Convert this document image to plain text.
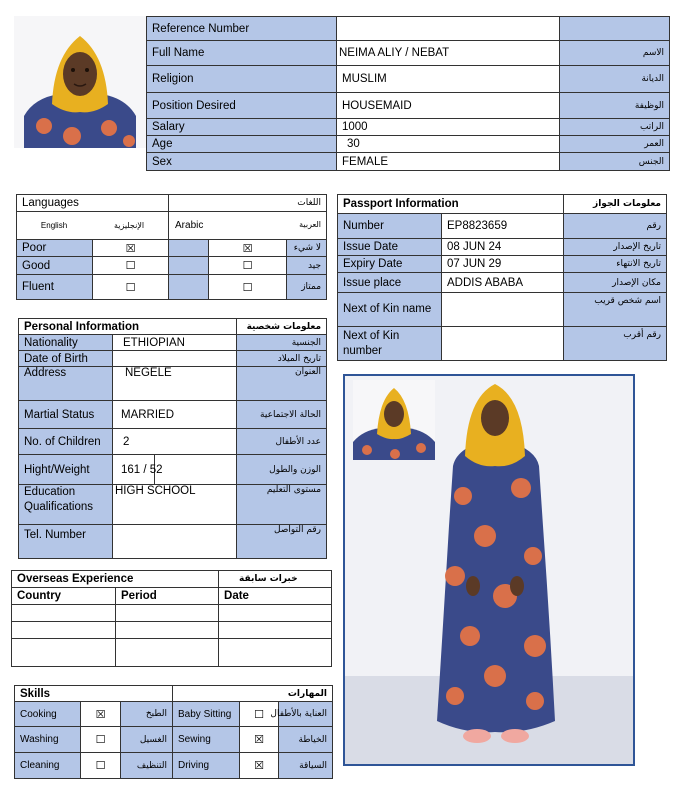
Reference Number		
Full Name	NEIMA ALIY / NEBAT	الاسم
Religion	MUSLIM	الديانة
Position Desired	HOUSEMAID	الوظيفة
Salary	1000	الراتب
Age	30	العمر
Sex	FEMALE	الجنس
Languages		اللغات		
English الإنجليزية		Arabic العربية		

Poor	☒		☒	لا شيء
Good	☐		☐	جيد
Fluent	☐		☐	ممتاز
Passport Information		معلومات الجواز
Number	EP8823659	رقم
Issue Date	08 JUN 24	تاريخ الإصدار
Expiry Date	07 JUN 29	تاريخ الانتهاء
Issue place	ADDIS ABABA	مكان الإصدار
Next of Kin name		اسم شخص قريب
Next of Kin number		رقم أقرب
Personal Information			معلومات شخصية
Nationality	ETHIOPIAN		الجنسية
Date of Birth			تاريخ الميلاد
Address	NEGELE		العنوان
Martial Status	MARRIED		الحالة الاجتماعية
No. of Children	2		عدد الأطفال
Hight/Weight	161 / 52		الوزن والطول
Education Qualifications	HIGH SCHOOL		مستوى التعليم
Tel. Number			رقم التواصل
Overseas Experience		خبرات سابقة
Country	Period	Date

Skills			المهارات		
Cooking	☒	الطبخ	Baby Sitting	☐	العناية بالأطفال
Washing	☐	الغسيل	Sewing	☒	الخياطة
Cleaning	☐	التنظيف	Driving	☒	السياقة
